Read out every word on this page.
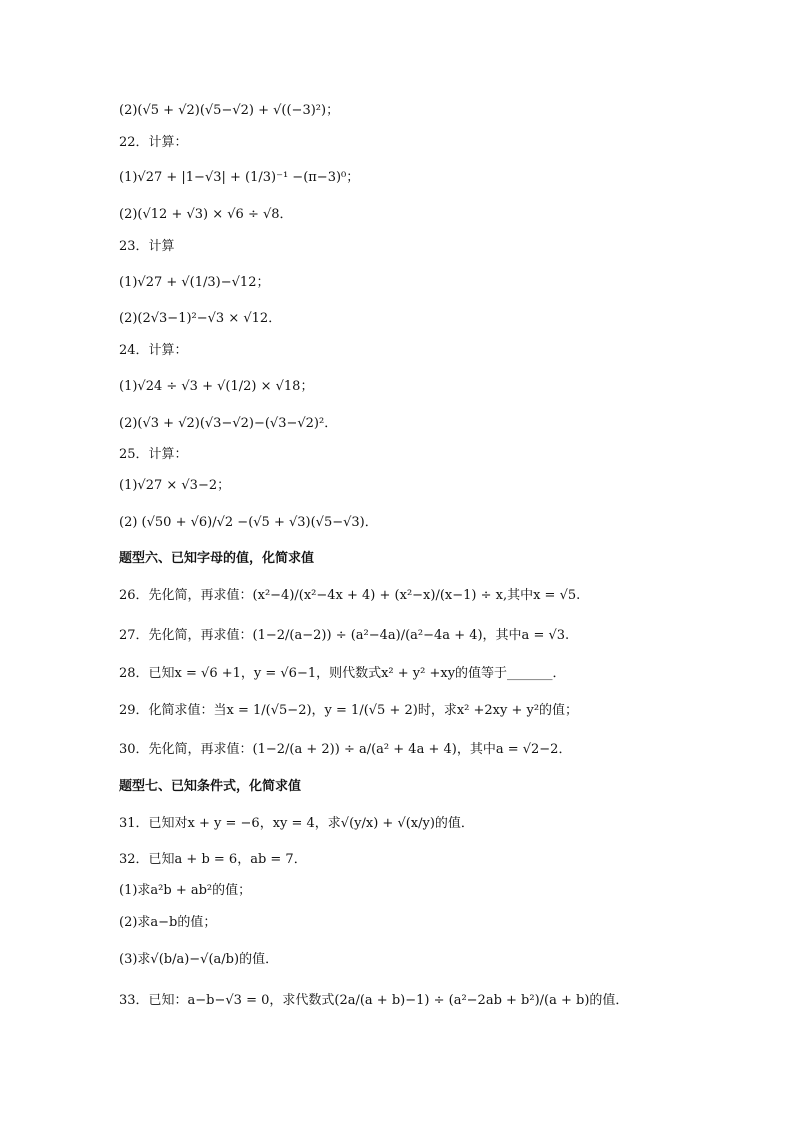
(2)(√5 + √2)(√5−√2) + √((−3)²)；
22．计算：
(1)√27 + |1−√3| + (1/3)⁻¹ −(π−3)⁰；
(2)(√12 + √3) × √6 ÷ √8．
23．计算
(1)√27 + √(1/3)−√12；
(2)(2√3−1)²−√3 × √12．
24．计算：
(1)√24 ÷ √3 + √(1/2) × √18；
(2)(√3 + √2)(√3−√2)−(√3−√2)²．
25．计算：
(1)√27 × √3−2；
(2) (√50 + √6)/√2 −(√5 + √3)(√5−√3)．
题型六、已知字母的值，化简求值
26．先化简，再求值：(x²−4)/(x²−4x + 4) + (x²−x)/(x−1) ÷ x,其中x = √5.
27．先化简，再求值：(1−2/(a−2)) ÷ (a²−4a)/(a²−4a + 4)，其中a = √3.
28．已知x = √6 +1，y = √6−1，则代数式x² + y² +xy的值等于_______．
29．化简求值：当x = 1/(√5−2)，y = 1/(√5 + 2)时，求x² +2xy + y²的值；
30．先化简，再求值：(1−2/(a + 2)) ÷ a/(a² + 4a + 4)，其中a = √2−2．
题型七、已知条件式，化简求值
31．已知对x + y = −6，xy = 4，求√(y/x) + √(x/y)的值．
32．已知a + b = 6，ab = 7．
(1)求a²b + ab²的值；
(2)求a−b的值；
(3)求√(b/a)−√(a/b)的值．
33．已知：a−b−√3 = 0，求代数式(2a/(a + b)−1) ÷ (a²−2ab + b²)/(a + b)的值．
